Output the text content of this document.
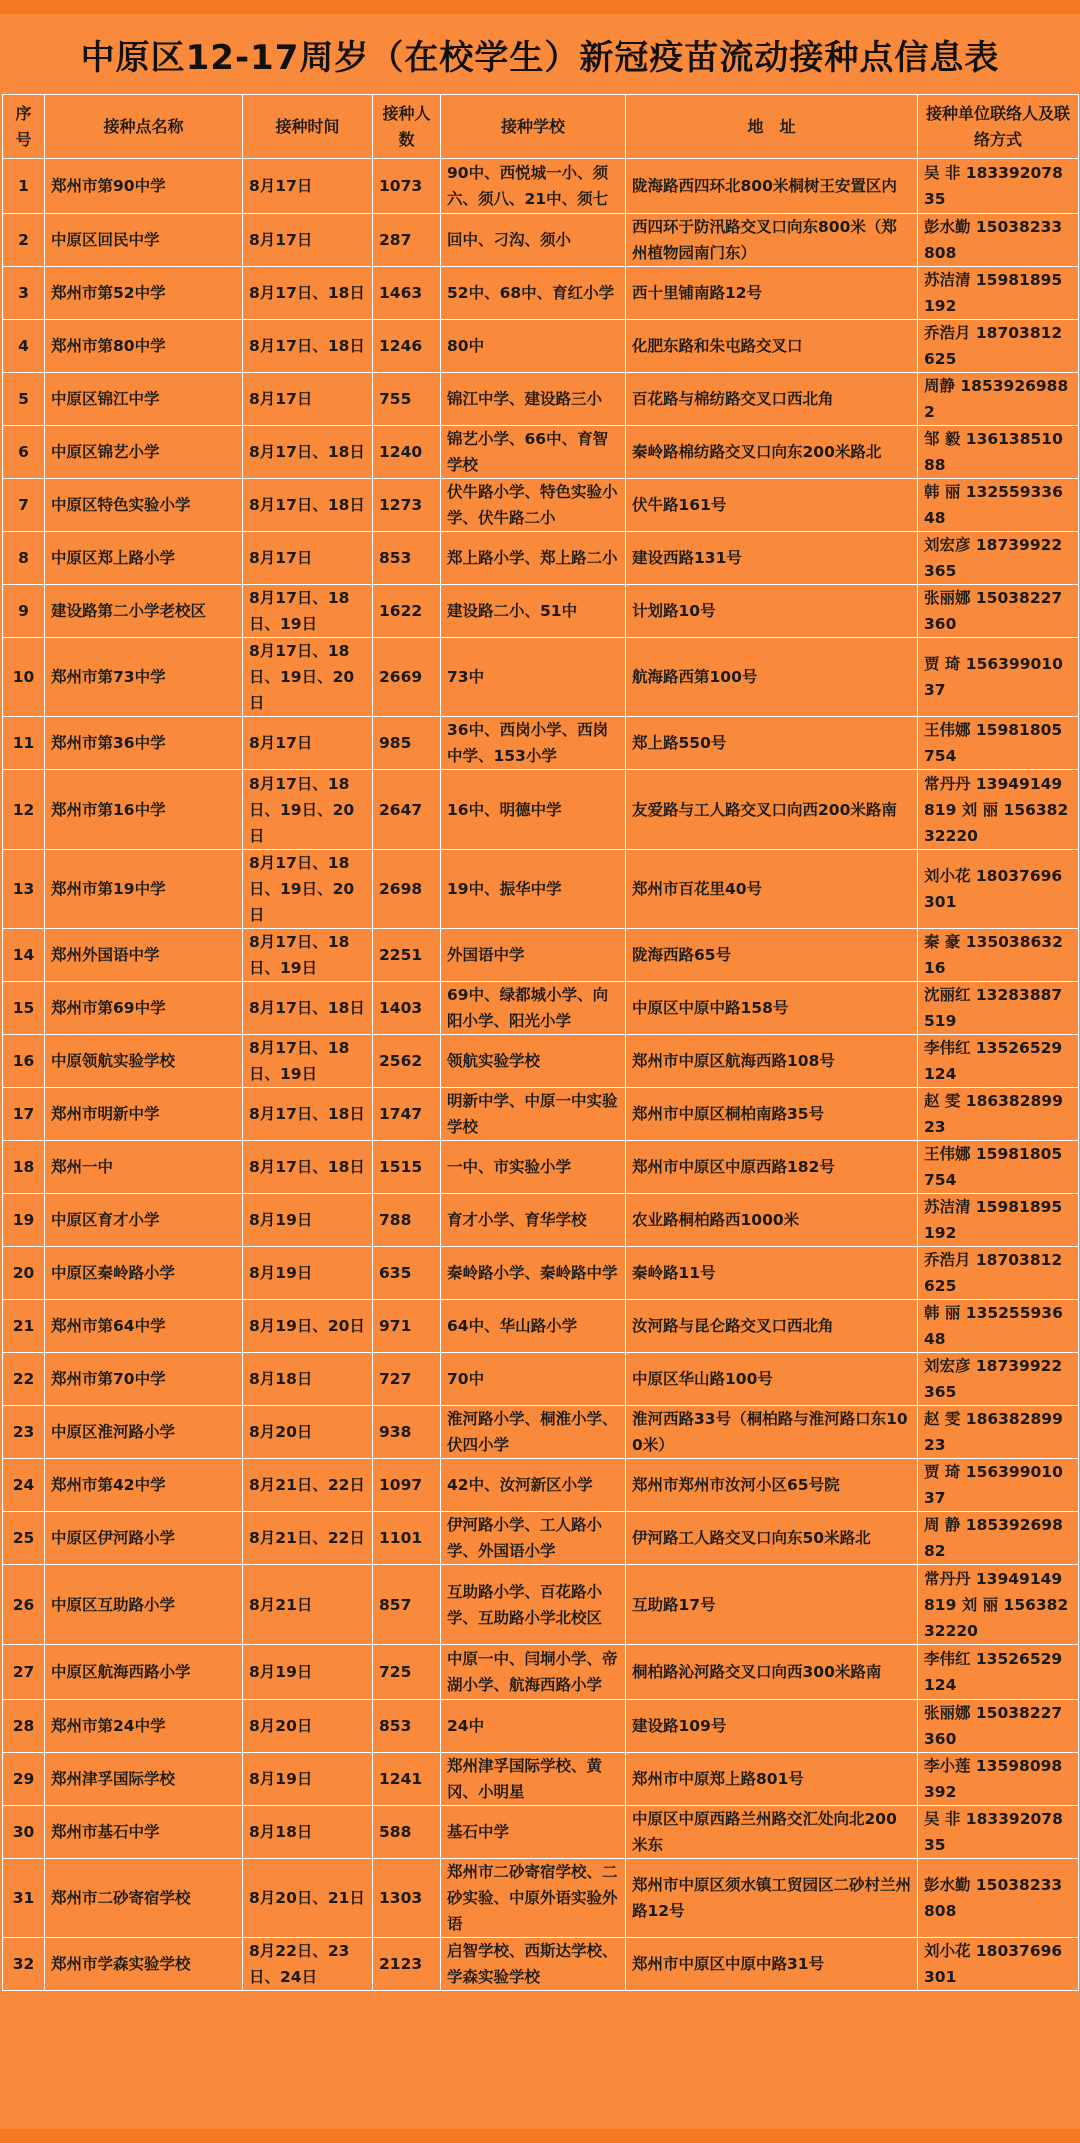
中原区12-17周岁（在校学生）新冠疫苗流动接种点信息表
序号	接种点名称	接种时间	接种人数	接种学校	地　址	接种单位联络人及联络方式
1	郑州市第90中学	8月17日	1073	90中、西悦城一小、须六、须八、21中、须七	陇海路西四环北800米桐树王安置区内	吴 非 18339207835
2	中原区回民中学	8月17日	287	回中、刁沟、须小	西四环于防汛路交叉口向东800米（郑州植物园南门东）	彭水勤 15038233808
3	郑州市第52中学	8月17日、18日	1463	52中、68中、育红小学	西十里铺南路12号	苏洁清 15981895192
4	郑州市第80中学	8月17日、18日	1246	80中	化肥东路和朱屯路交叉口	乔浩月 18703812625
5	中原区锦江中学	8月17日	755	锦江中学、建设路三小	百花路与棉纺路交叉口西北角	周静 18539269882
6	中原区锦艺小学	8月17日、18日	1240	锦艺小学、66中、育智学校	秦岭路棉纺路交叉口向东200米路北	邹 毅 13613851088
7	中原区特色实验小学	8月17日、18日	1273	伏牛路小学、特色实验小学、伏牛路二小	伏牛路161号	韩 丽 13255933648
8	中原区郑上路小学	8月17日	853	郑上路小学、郑上路二小	建设西路131号	刘宏彦 18739922365
9	建设路第二小学老校区	8月17日、18日、19日	1622	建设路二小、51中	计划路10号	张丽娜 15038227360
10	郑州市第73中学	8月17日、18日、19日、20日	2669	73中	航海路西第100号	贾 琦 15639901037
11	郑州市第36中学	8月17日	985	36中、西岗小学、西岗中学、153小学	郑上路550号	王伟娜 15981805754
12	郑州市第16中学	8月17日、18日、19日、20日	2647	16中、明德中学	友爱路与工人路交叉口向西200米路南	常丹丹 13949149819 刘 丽 15638232220
13	郑州市第19中学	8月17日、18日、19日、20日	2698	19中、振华中学	郑州市百花里40号	刘小花 18037696301
14	郑州外国语中学	8月17日、18日、19日	2251	外国语中学	陇海西路65号	秦 豪 13503863216
15	郑州市第69中学	8月17日、18日	1403	69中、绿都城小学、向阳小学、阳光小学	中原区中原中路158号	沈丽红 13283887519
16	中原领航实验学校	8月17日、18日、19日	2562	领航实验学校	郑州市中原区航海西路108号	李伟红 13526529124
17	郑州市明新中学	8月17日、18日	1747	明新中学、中原一中实验学校	郑州市中原区桐柏南路35号	赵 雯 18638289923
18	郑州一中	8月17日、18日	1515	一中、市实验小学	郑州市中原区中原西路182号	王伟娜 15981805754
19	中原区育才小学	8月19日	788	育才小学、育华学校	农业路桐柏路西1000米	苏洁清 15981895192
20	中原区秦岭路小学	8月19日	635	秦岭路小学、秦岭路中学	秦岭路11号	乔浩月 18703812625
21	郑州市第64中学	8月19日、20日	971	64中、华山路小学	汝河路与昆仑路交叉口西北角	韩 丽 13525593648
22	郑州市第70中学	8月18日	727	70中	中原区华山路100号	刘宏彦 18739922365
23	中原区淮河路小学	8月20日	938	淮河路小学、桐淮小学、伏四小学	淮河西路33号（桐柏路与淮河路口东100米）	赵 雯 18638289923
24	郑州市第42中学	8月21日、22日	1097	42中、汝河新区小学	郑州市郑州市汝河小区65号院	贾 琦 15639901037
25	中原区伊河路小学	8月21日、22日	1101	伊河路小学、工人路小学、外国语小学	伊河路工人路交叉口向东50米路北	周 静 18539269882
26	中原区互助路小学	8月21日	857	互助路小学、百花路小学、互助路小学北校区	互助路17号	常丹丹 13949149819 刘 丽 15638232220
27	中原区航海西路小学	8月19日	725	中原一中、闫垌小学、帝湖小学、航海西路小学	桐柏路沁河路交叉口向西300米路南	李伟红 13526529124
28	郑州市第24中学	8月20日	853	24中	建设路109号	张丽娜 15038227360
29	郑州津孚国际学校	8月19日	1241	郑州津孚国际学校、黄冈、小明星	郑州市中原郑上路801号	李小莲 13598098392
30	郑州市基石中学	8月18日	588	基石中学	中原区中原西路兰州路交汇处向北200米东	吴 非 18339207835
31	郑州市二砂寄宿学校	8月20日、21日	1303	郑州市二砂寄宿学校、二砂实验、中原外语实验外语	郑州市中原区须水镇工贸园区二砂村兰州路12号	彭水勤 15038233808
32	郑州市学森实验学校	8月22日、23日、24日	2123	启智学校、西斯达学校、学森实验学校	郑州市中原区中原中路31号	刘小花 18037696301
